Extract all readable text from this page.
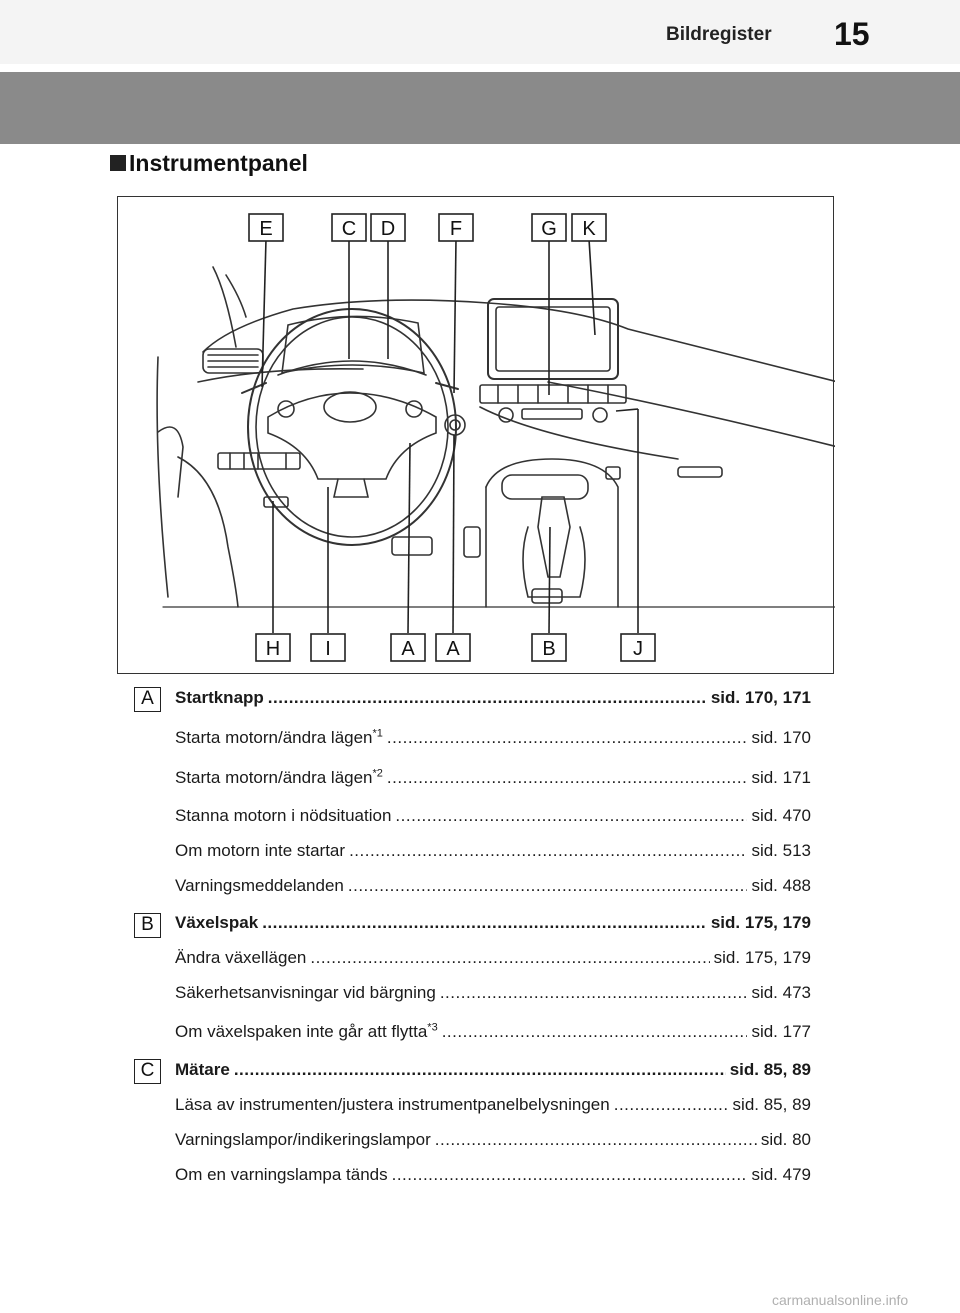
Bildregister 15
Instrumentpanel
E	C D	F	G K
H I	A A	B	J
A	Startknapp .....	sid. 170, 171
Starta motorn/ändra lägen$^{*1}$ .....	sid. 170
Starta motorn/ändra lägen$^{*2}$ .....	sid. 171
Stanna motorn i nödsituation .....	sid. 470
Om motorn inte startar .....	sid. 513
Varningsmeddelanden .....	sid. 488
B	Växelspak .....	sid. 175, 179
Ändra växellägen .....	sid. 175, 179
Säkerhetsanvisningar vid bärgning .....	sid. 473
Om växelspaken inte går att flytta$^{*3}$ .....	sid. 177
C	Mätare .....	sid. 85, 89
Läsa av instrumenten/justera instrumentpanelbelysningen .....	sid. 85, 89
Varningslampor/indikeringslampor .....	sid. 80
Om en varningslampa tänds .....	sid. 479
carmanualsonline.info
